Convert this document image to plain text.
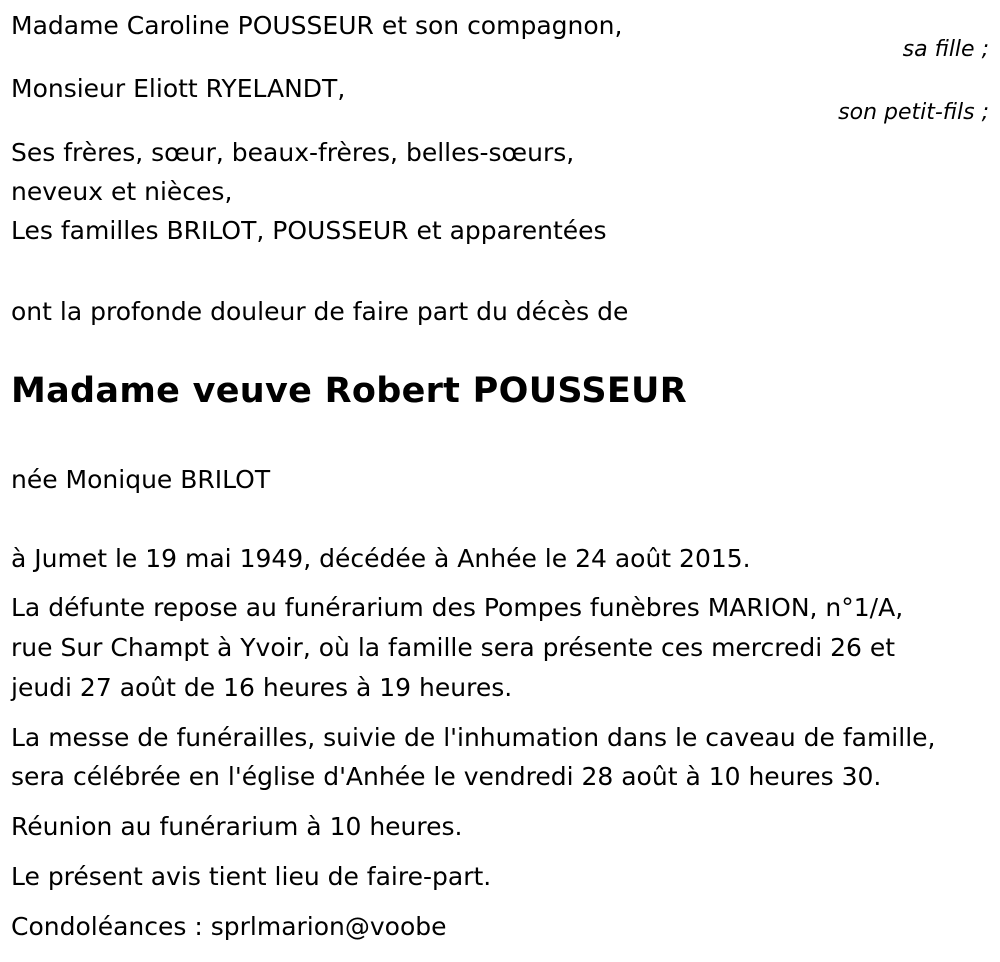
Madame Caroline POUSSEUR et son compagnon,
sa fille ;
Monsieur Eliott RYELANDT,
son petit-fils ;
Ses frères, sœur, beaux-frères, belles-sœurs,
neveux et nièces,
Les familles BRILOT, POUSSEUR et apparentées
ont la profonde douleur de faire part du décès de
Madame veuve Robert POUSSEUR
née Monique BRILOT
à Jumet le 19 mai 1949, décédée à Anhée le 24 août 2015.
La défunte repose au funérarium des Pompes funèbres MARION, n°1/A,
rue Sur Champt à Yvoir, où la famille sera présente ces mercredi 26 et
jeudi 27 août de 16 heures à 19 heures.
La messe de funérailles, suivie de l'inhumation dans le caveau de famille,
sera célébrée en l'église d'Anhée le vendredi 28 août à 10 heures 30.
Réunion au funérarium à 10 heures.
Le présent avis tient lieu de faire-part.
Condoléances : sprlmarion@voobe
